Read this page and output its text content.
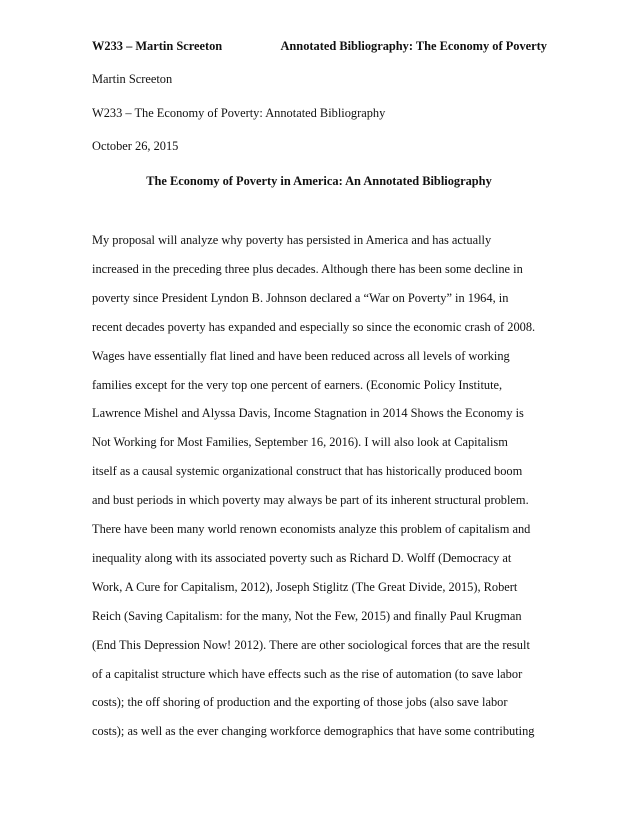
W233 – Martin Screeton	Annotated Bibliography: The Economy of Poverty
Martin Screeton
W233 – The Economy of Poverty: Annotated Bibliography
October 26, 2015
The Economy of Poverty in America: An Annotated Bibliography
My proposal will analyze why poverty has persisted in America and has actually
increased in the preceding three plus decades. Although there has been some decline in
poverty since President Lyndon B. Johnson declared a “War on Poverty” in 1964, in
recent decades poverty has expanded and especially so since the economic crash of 2008.
Wages have essentially flat lined and have been reduced across all levels of working
families except for the very top one percent of earners. (Economic Policy Institute,
Lawrence Mishel and Alyssa Davis, Income Stagnation in 2014 Shows the Economy is
Not Working for Most Families, September 16, 2016). I will also look at Capitalism
itself as a causal systemic organizational construct that has historically produced boom
and bust periods in which poverty may always be part of its inherent structural problem.
There have been many world renown economists analyze this problem of capitalism and
inequality along with its associated poverty such as Richard D. Wolff (Democracy at
Work, A Cure for Capitalism, 2012), Joseph Stiglitz (The Great Divide, 2015), Robert
Reich (Saving Capitalism: for the many, Not the Few, 2015) and finally Paul Krugman
(End This Depression Now! 2012). There are other sociological forces that are the result
of a capitalist structure which have effects such as the rise of automation (to save labor
costs); the off shoring of production and the exporting of those jobs (also save labor
costs); as well as the ever changing workforce demographics that have some contributing
